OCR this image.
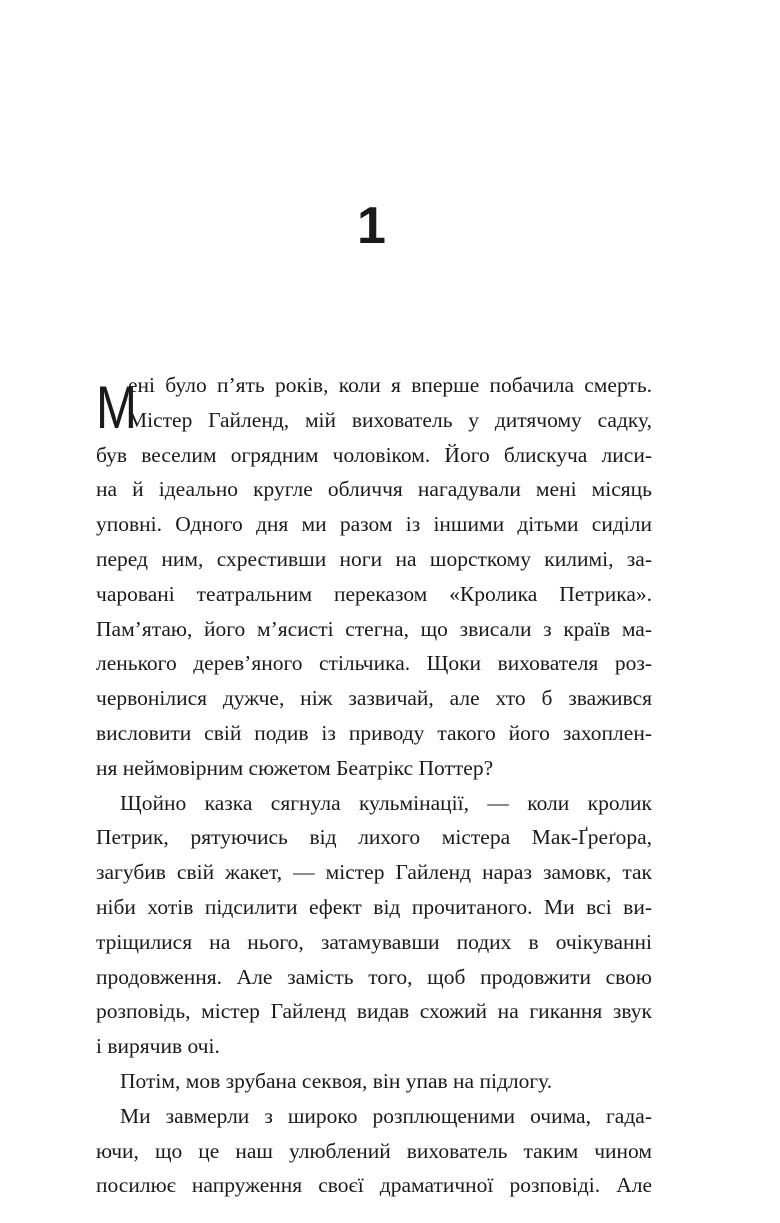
1
М
ені було п’ять років, коли я вперше побачила смерть.
Містер Гайленд, мій вихователь у дитячому садку,
був веселим огрядним чоловіком. Його блискуча лиси-
на й ідеально кругле обличчя нагадували мені місяць
уповні. Одного дня ми разом із іншими дітьми сиділи
перед ним, схрестивши ноги на шорсткому килимі, за-
чаровані театральним переказом «Кролика Петрика».
Пам’ятаю, його м’ясисті стегна, що звисали з країв ма-
ленького дерев’яного стільчика. Щоки вихователя роз-
червонілися дужче, ніж зазвичай, але хто б зважився
висловити свій подив із приводу такого його захоплен-
ня неймовірним сюжетом Беатрікс Поттер?
Щойно казка сягнула кульмінації, — коли кролик
Петрик, рятуючись від лихого містера Мак-Ґреґора,
загубив свій жакет, — містер Гайленд нараз замовк, так
ніби хотів підсилити ефект від прочитаного. Ми всі ви-
тріщилися на нього, затамувавши подих в очікуванні
продовження. Але замість того, щоб продовжити свою
розповідь, містер Гайленд видав схожий на гикання звук
і вирячив очі.
Потім, мов зрубана секвоя, він упав на підлогу.
Ми завмерли з широко розплющеними очима, гада-
ючи, що це наш улюблений вихователь таким чином
посилює напруження своєї драматичної розповіді. Але
